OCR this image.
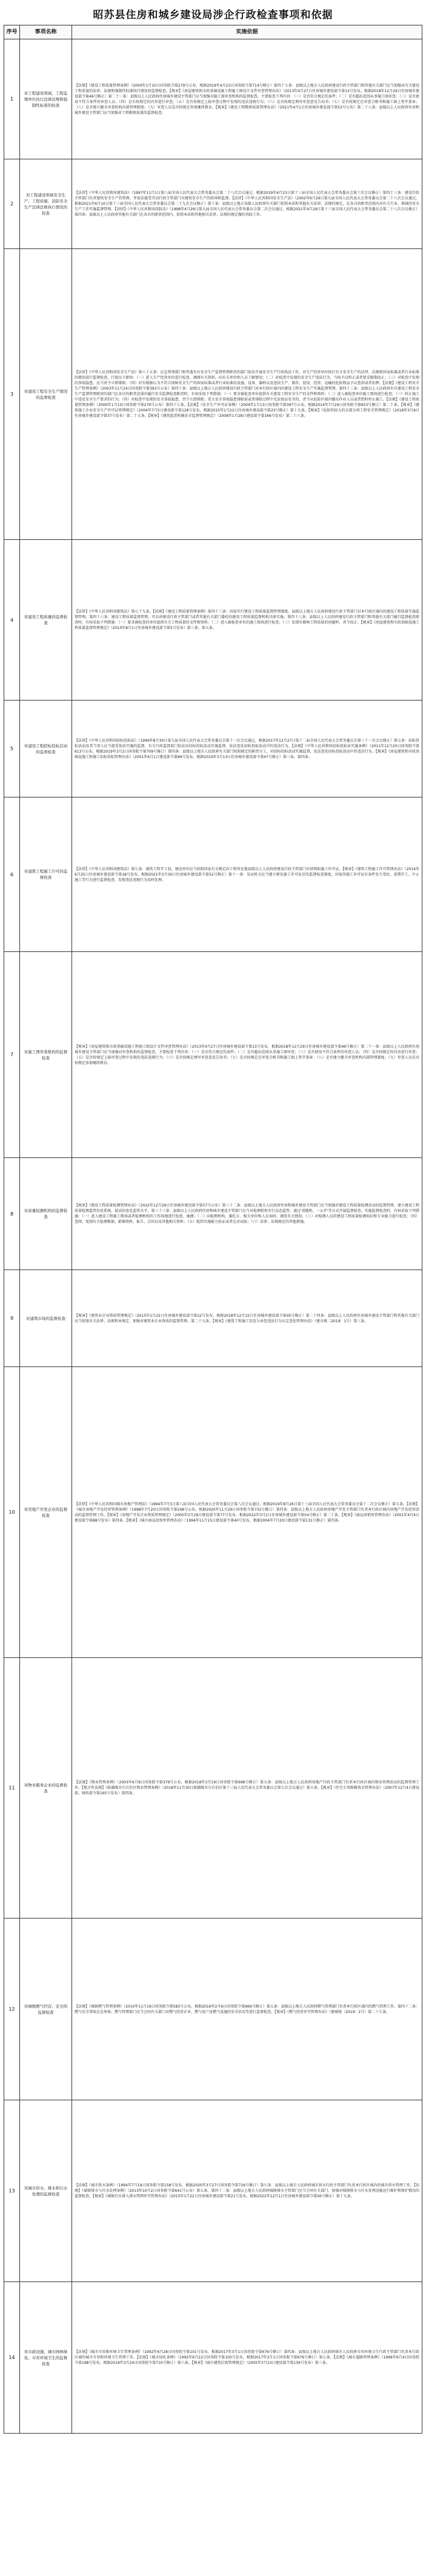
昭苏县住房和城乡建设局涉企行政检查事项和依据
序号	事项名称	实施依据
1	对工程建设领域、工程监理单位执行法律法规和强制性标准的检查	【法规】《建设工程质量管理条例》（2000年1月10日国务院令第279号公布，根据2019年4月23日国务院令第714号修订）第四十七条：县级以上地方人民政府建设行政主管部门和其他有关部门应当加强对有关建设工程质量的法律、法规和强制性标准执行情况的监督检查。【规章】《房屋建筑和市政基础设施工程施工图设计文件审查管理办法》（2013年4月27日住房城乡建设部令第13号发布，根据2018年12月29日住房城乡建设部令第46号修正）第二十一条：县级以上人民政府住房城乡建设主管部门应当加强对施工图审查机构的监督检查，主要检查下列内容：（一）是否符合规定的条件；（二）是否超出范围从事施工图审查；（三）是否使用不符合条件的审查人员；（四）是否按规定的内容进行审查；（五）是否按规定上报审查过程中发现的违法违规行为；（六）是否按规定填写审查意见告知书；（七）是否按规定在审查合格书和施工图上签字盖章；（八）是否建立健全审查机构内部管理制度；（九）审查人员是否按规定参加继续教育。【规章】《建设工程勘察质量管理办法》（2021年4月1日住房城乡建设部令第53号公布）第二十八条：县级以上人民政府住房和城乡建设主管部门应当加强对工程勘察质量的监督检查。
2	对工程建设领域安全生产、工程质量、消防安全生产法律法规执行情况的检查	【法律】《中华人民共和国建筑法》（1997年11月1日第八届全国人民代表大会常务委员会第二十八次会议通过，根据2019年4月23日第十三届全国人民代表大会常务委员会第十次会议修正）第四十三条：建设行政主管部门负责建筑安全生产的管理，并依法接受劳动行政主管部门对建筑安全生产的指导和监督。【法律】《中华人民共和国安全生产法》（2002年6月29日第九届全国人民代表大会常务委员会第二十八次会议通过，根据2021年6月10日第十三届全国人民代表大会常务委员会第二十九次会议修正）第十条：县级以上地方各级人民政府有关部门依照本法和其他有关法律、法规的规定，在各自的职责范围内对有关行业、领域的安全生产工作实施监督管理。【法律】《中华人民共和国消防法》（1998年4月29日第九届全国人民代表大会常务委员会第二次会议通过，根据2021年4月29日第十三届全国人民代表大会常务委员会第二十八次会议修正）第四条：县级以上人民政府其他有关部门在各自的职责范围内，依照本法和其他相关法律、法规的规定做好消防工作。
3	对建设工程安全生产情况的监督检查	【法律】《中华人民共和国安全生产法》第六十五条：应急管理部门和其他负有安全生产监督管理职责的部门依法开展安全生产行政执法工作，对生产经营单位执行有关安全生产的法律、法规和国家标准或者行业标准的情况进行监督检查，行使以下职权：（一）进入生产经营单位进行检查，调阅有关资料，向有关单位和人员了解情况；（二）对检查中发现的安全生产违法行为，当场予以纠正或者要求限期改正；（三）对检查中发现的事故隐患，应当责令立即排除；（四）对有根据认为不符合保障安全生产的国家标准或者行业标准的设施、设备、器材以及违法生产、储存、使用、经营、运输的危险物品予以查封或者扣押。【法规】《建设工程安全生产管理条例》（2003年11月24日国务院令第393号公布）第四十条：县级以上地方人民政府建设行政主管部门对本行政区域内的建设工程安全生产实施监督管理。第四十三条：县级以上人民政府负有建设工程安全生产监督管理职责的部门在各自的职责范围内履行安全监督检查职责时，有权采取下列措施：（一）要求被检查单位提供有关建设工程安全生产的文件和资料；（二）进入被检查单位施工现场进行检查；（三）纠正施工中违反安全生产要求的行为；（四）对检查中发现的安全事故隐患，责令立即排除；重大安全事故隐患排除前或者排除过程中无法保证安全的，责令从危险区域内撤出作业人员或者暂时停止施工。【法规】《建设工程质量管理条例》（2000年1月10日国务院令第279号公布）第四十七条。【法规】《安全生产许可证条例》（2004年1月13日国务院令第397号公布，根据2014年7月29日国务院令第653号修订）第二十条。【规章】《建筑施工企业安全生产许可证管理规定》（2004年7月5日建设部令第128号发布，根据2015年1月22日住房城乡建设部令第23号修正）第十九条。【规章】《危险性较大的分部分项工程安全管理规定》（2018年3月8日住房城乡建设部令第37号发布）第二十五条。【规章】《建筑起重机械安全监督管理规定》（2008年1月28日建设部令第166号发布）第二十六条。
4	对建设工程质量的监督检查	【法律】《中华人民共和国建筑法》第七十九条。【法规】《建设工程质量管理条例》第四十三条：国家实行建设工程质量监督管理制度。县级以上地方人民政府建设行政主管部门对本行政区域内的建设工程质量实施监督管理。第四十六条：建设工程质量监督管理，可以由建设行政主管部门或者其他有关部门委托的建设工程质量监督机构具体实施。第四十八条：县级以上人民政府建设行政主管部门和其他有关部门履行监督检查职责时，有权采取下列措施：（一）要求被检查的单位提供有关工程质量的文件和资料；（二）进入被检查单位的施工现场进行检查；（三）发现有影响工程质量的问题时，责令改正。【规章】《房屋建筑和市政基础设施工程质量监督管理规定》（2010年8月1日住房城乡建设部令第5号发布）第三条、第五条。
5	对建设工程招标投标活动的监督检查	【法律】《中华人民共和国招标投标法》（1999年8月30日第九届全国人民代表大会常务委员会第十一次会议通过，根据2017年12月27日第十二届全国人民代表大会常务委员会第三十一次会议修正）第七条：招标投标活动及其当事人应当接受依法实施的监督。有关行政监督部门依法对招标投标活动实施监督，依法查处招标投标活动中的违法行为。【法规】《中华人民共和国招标投标法实施条例》（2011年12月20日国务院令第613号公布，根据2019年3月2日国务院令第709号修订）第四条：县级以上地方人民政府有关部门按照规定的职责分工，对招标投标活动实施监督，依法查处招标投标活动中的违法行为。【规章】《房屋建筑和市政基础设施工程施工招标投标管理办法》（2001年6月1日建设部令第89号发布，根据2019年3月13日住房城乡建设部令第47号修正）第三条、第四条。
6	对建筑工程施工许可的监督检查	【法律】《中华人民共和国建筑法》第七条：建筑工程开工前，建设单位应当按照国家有关规定向工程所在地县级以上人民政府建设行政主管部门申请领取施工许可证。【规章】《建筑工程施工许可管理办法》（2014年6月25日住房城乡建设部令第18号发布，根据2021年3月30日住房城乡建设部令第52号修正）第十一条：发证机关应当建立颁发施工许可证后的监督检查制度，对取得施工许可证后条件发生变化、延期开工、中止施工等行为进行监督检查，发现违法违规行为及时处理。
7	对施工图审查机构的监督检查	【规章】《房屋建筑和市政基础设施工程施工图设计文件审查管理办法》（2013年4月27日住房城乡建设部令第13号发布，根据2018年12月29日住房城乡建设部令第46号修正）第二十一条：县级以上人民政府住房城乡建设主管部门应当加强对审查机构的监督检查，主要检查下列内容：（一）是否符合规定的条件；（二）是否超出范围从事施工图审查；（三）是否使用不符合条件的审查人员；（四）是否按规定的内容进行审查；（五）是否按规定上报审查过程中发现的违法违规行为；（六）是否按规定填写审查意见告知书；（七）是否按规定在审查合格书和施工图上签字盖章；（八）是否建立健全审查机构内部管理制度；（九）审查人员是否按规定参加继续教育。
8	对质量检测机构的监督检查	【规章】《建设工程质量检测管理办法》（2022年12月29日住房城乡建设部令第57号公布）第三十二条：县级以上地方人民政府住房和城乡建设主管部门应当加强对建设工程质量检测活动的监督管理，建立建设工程质量检测监管信息系统，提高信息化监管水平。第三十三条：县级以上人民政府住房和城乡建设主管部门应当对检测机构实行动态监管，通过'双随机、一公开'等方式开展监督检查。实施监督检查时，有权采取下列措施：（一）进入建设工程施工现场或者检测机构的工作场地进行检查、抽测；（二）向检测机构、委托方、相关单位和人员询问、调查有关情况；（三）对检测人员的建设工程质量检测知识和专业能力进行检查；（四）查阅、复制有关检测数据、影像资料、报告、合同以及其他相关资料；（五）组织实施能力验证或者比对试验；（六）法律、法规规定的其他措施。
9	对建筑市场的监督检查	【规章】《建筑业企业资质管理规定》（2015年1月22日住房城乡建设部令第22号发布，根据2018年12月22日住房城乡建设部令第45号修正）第二十四条：县级以上人民政府住房城乡建设主管部门和其他有关部门应当依照有关法律、法规和本规定，加强对建筑业企业资质的监督管理。第二十五条。【规章】《建筑工程施工发包与承包违法行为认定查处管理办法》（建市规〔2019〕1号）第三条。
10	对房地产开发企业的监督检查	【法律】《中华人民共和国城市房地产管理法》（1994年7月5日第八届全国人民代表大会常务委员会第八次会议通过，根据2019年8月26日第十三届全国人民代表大会常务委员会第十二次会议修正）第七条。【法规】《城市房地产开发经营管理条例》（1998年7月20日国务院令第248号公布，根据2020年11月29日国务院令第732号修订）第四条：县级以上地方人民政府房地产开发主管部门负责本行政区域内房地产开发经营活动的监督管理工作。【规章】《房地产开发企业资质管理规定》（2000年3月29日建设部令第77号发布，根据2022年3月2日住房城乡建设部令第54号修正）第二十条。【规章】《商品房销售管理办法》（2001年4月4日建设部令第88号发布）第四条。【规章】《城市商品房预售管理办法》（1994年11月15日建设部令第40号发布，根据2004年7月20日建设部令第131号修正）第四条。
11	对物业服务企业的监督检查	【法规】《物业管理条例》（2003年6月8日国务院令第379号公布，根据2018年3月19日国务院令第698号修订）第五条：县级以上地方人民政府房地产行政主管部门负责本行政区域内物业管理活动的监督管理工作。【地方性法规】《新疆维吾尔自治区物业管理条例》（2018年11月30日新疆维吾尔自治区第十三届人民代表大会常务委员会第七次会议通过）第五条。【规章】《住宅专项维修资金管理办法》（2007年12月4日建设部、财政部令第165号发布）第四条。
12	对城镇燃气经营、安全的监督检查	【法规】《城镇燃气管理条例》（2010年11月19日国务院令第583号公布，根据2016年2月6日国务院令第666号修订）第五条：县级以上地方人民政府燃气管理部门负责本行政区域内的燃气管理工作。第四十二条：燃气安全事故应急预案；燃气管理部门应当会同有关部门对燃气经营企业、燃气用户及燃气设施的安全状况等进行监督检查。【规章】《燃气经营许可管理办法》（建城规〔2019〕2号）第二十七条。
13	对城市供水、排水和污水处理的监督检查	【法规】《城市供水条例》（1994年7月19日国务院令第158号发布，根据2020年3月27日国务院令第726号修订）第七条：县级以上城市人民政府城市供水行政主管部门负责本行政区域内的城市供水管理工作。【法规】《城镇排水与污水处理条例》（2013年10月2日国务院令第641号公布）第五条、第四十二条：县级以上地方人民政府城镇排水主管部门应当会同有关部门，加强对城镇排水与污水处理设施运行维护和保护情况的监督检查。【规章】《城镇污水排入排水管网许可管理办法》（2015年1月22日住房城乡建设部令第21号发布，根据2022年12月1日住房城乡建设部令第56号修正）第十九条。
14	对市政设施、城市园林绿化、市容环境卫生的监督检查	【法规】《城市市容和环境卫生管理条例》（1992年6月28日国务院令第101号发布，根据2017年3月1日国务院令第676号修订）第四条：县级以上地方人民政府城市人民政府市容环境卫生行政主管部门负责本行政区域的城市市容和环境卫生管理工作。【法规】《城市绿化条例》（1992年6月22日国务院令第100号发布，根据2017年3月1日国务院令第676号修订）第七条。【法规】《城市道路管理条例》（1996年6月4日国务院令第198号发布，根据2019年3月24日国务院令第710号修订）第六条。【规章】《城市建筑垃圾管理规定》（2005年3月23日建设部令第139号发布）第三条。
